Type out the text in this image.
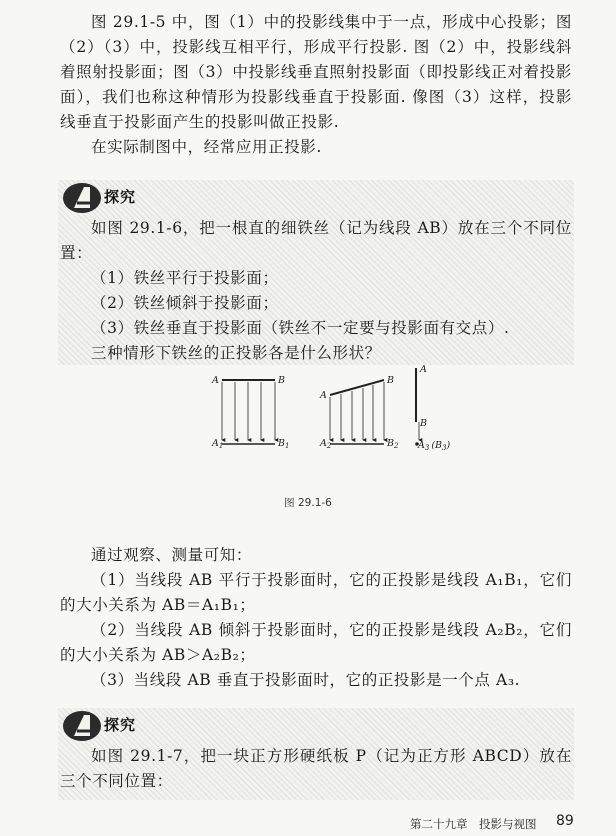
图 29.1-5 中，图（1）中的投影线集中于一点，形成中心投影；图（2）（3）中，投影线互相平行，形成平行投影. 图（2）中，投影线斜着照射投影面；图（3）中投影线垂直照射投影面（即投影线正对着投影面），我们也称这种情形为投影线垂直于投影面. 像图（3）这样，投影线垂直于投影面产生的投影叫做正投影.

在实际制图中，经常应用正投影.

探究

如图 29.1-6，把一根直的细铁丝（记为线段 AB）放在三个不同位置：

（1）铁丝平行于投影面；

（2）铁丝倾斜于投影面；

（3）铁丝垂直于投影面（铁丝不一定要与投影面有交点）.

三种情形下铁丝的正投影各是什么形状？

A	B
$A_1$	$B_1$
A
B
$A_2$	$B_2$
A
B
$A_3$ $(B_3)$
图 29.1-6

通过观察、测量可知：

（1）当线段 AB 平行于投影面时，它的正投影是线段 A₁B₁，它们的大小关系为 AB＝A₁B₁；

（2）当线段 AB 倾斜于投影面时，它的正投影是线段 A₂B₂，它们的大小关系为 AB＞A₂B₂；

（3）当线段 AB 垂直于投影面时，它的正投影是一个点 A₃.

探究

如图 29.1-7，把一块正方形硬纸板 P（记为正方形 ABCD）放在三个不同位置：

第二十九章　投影与视图 89
